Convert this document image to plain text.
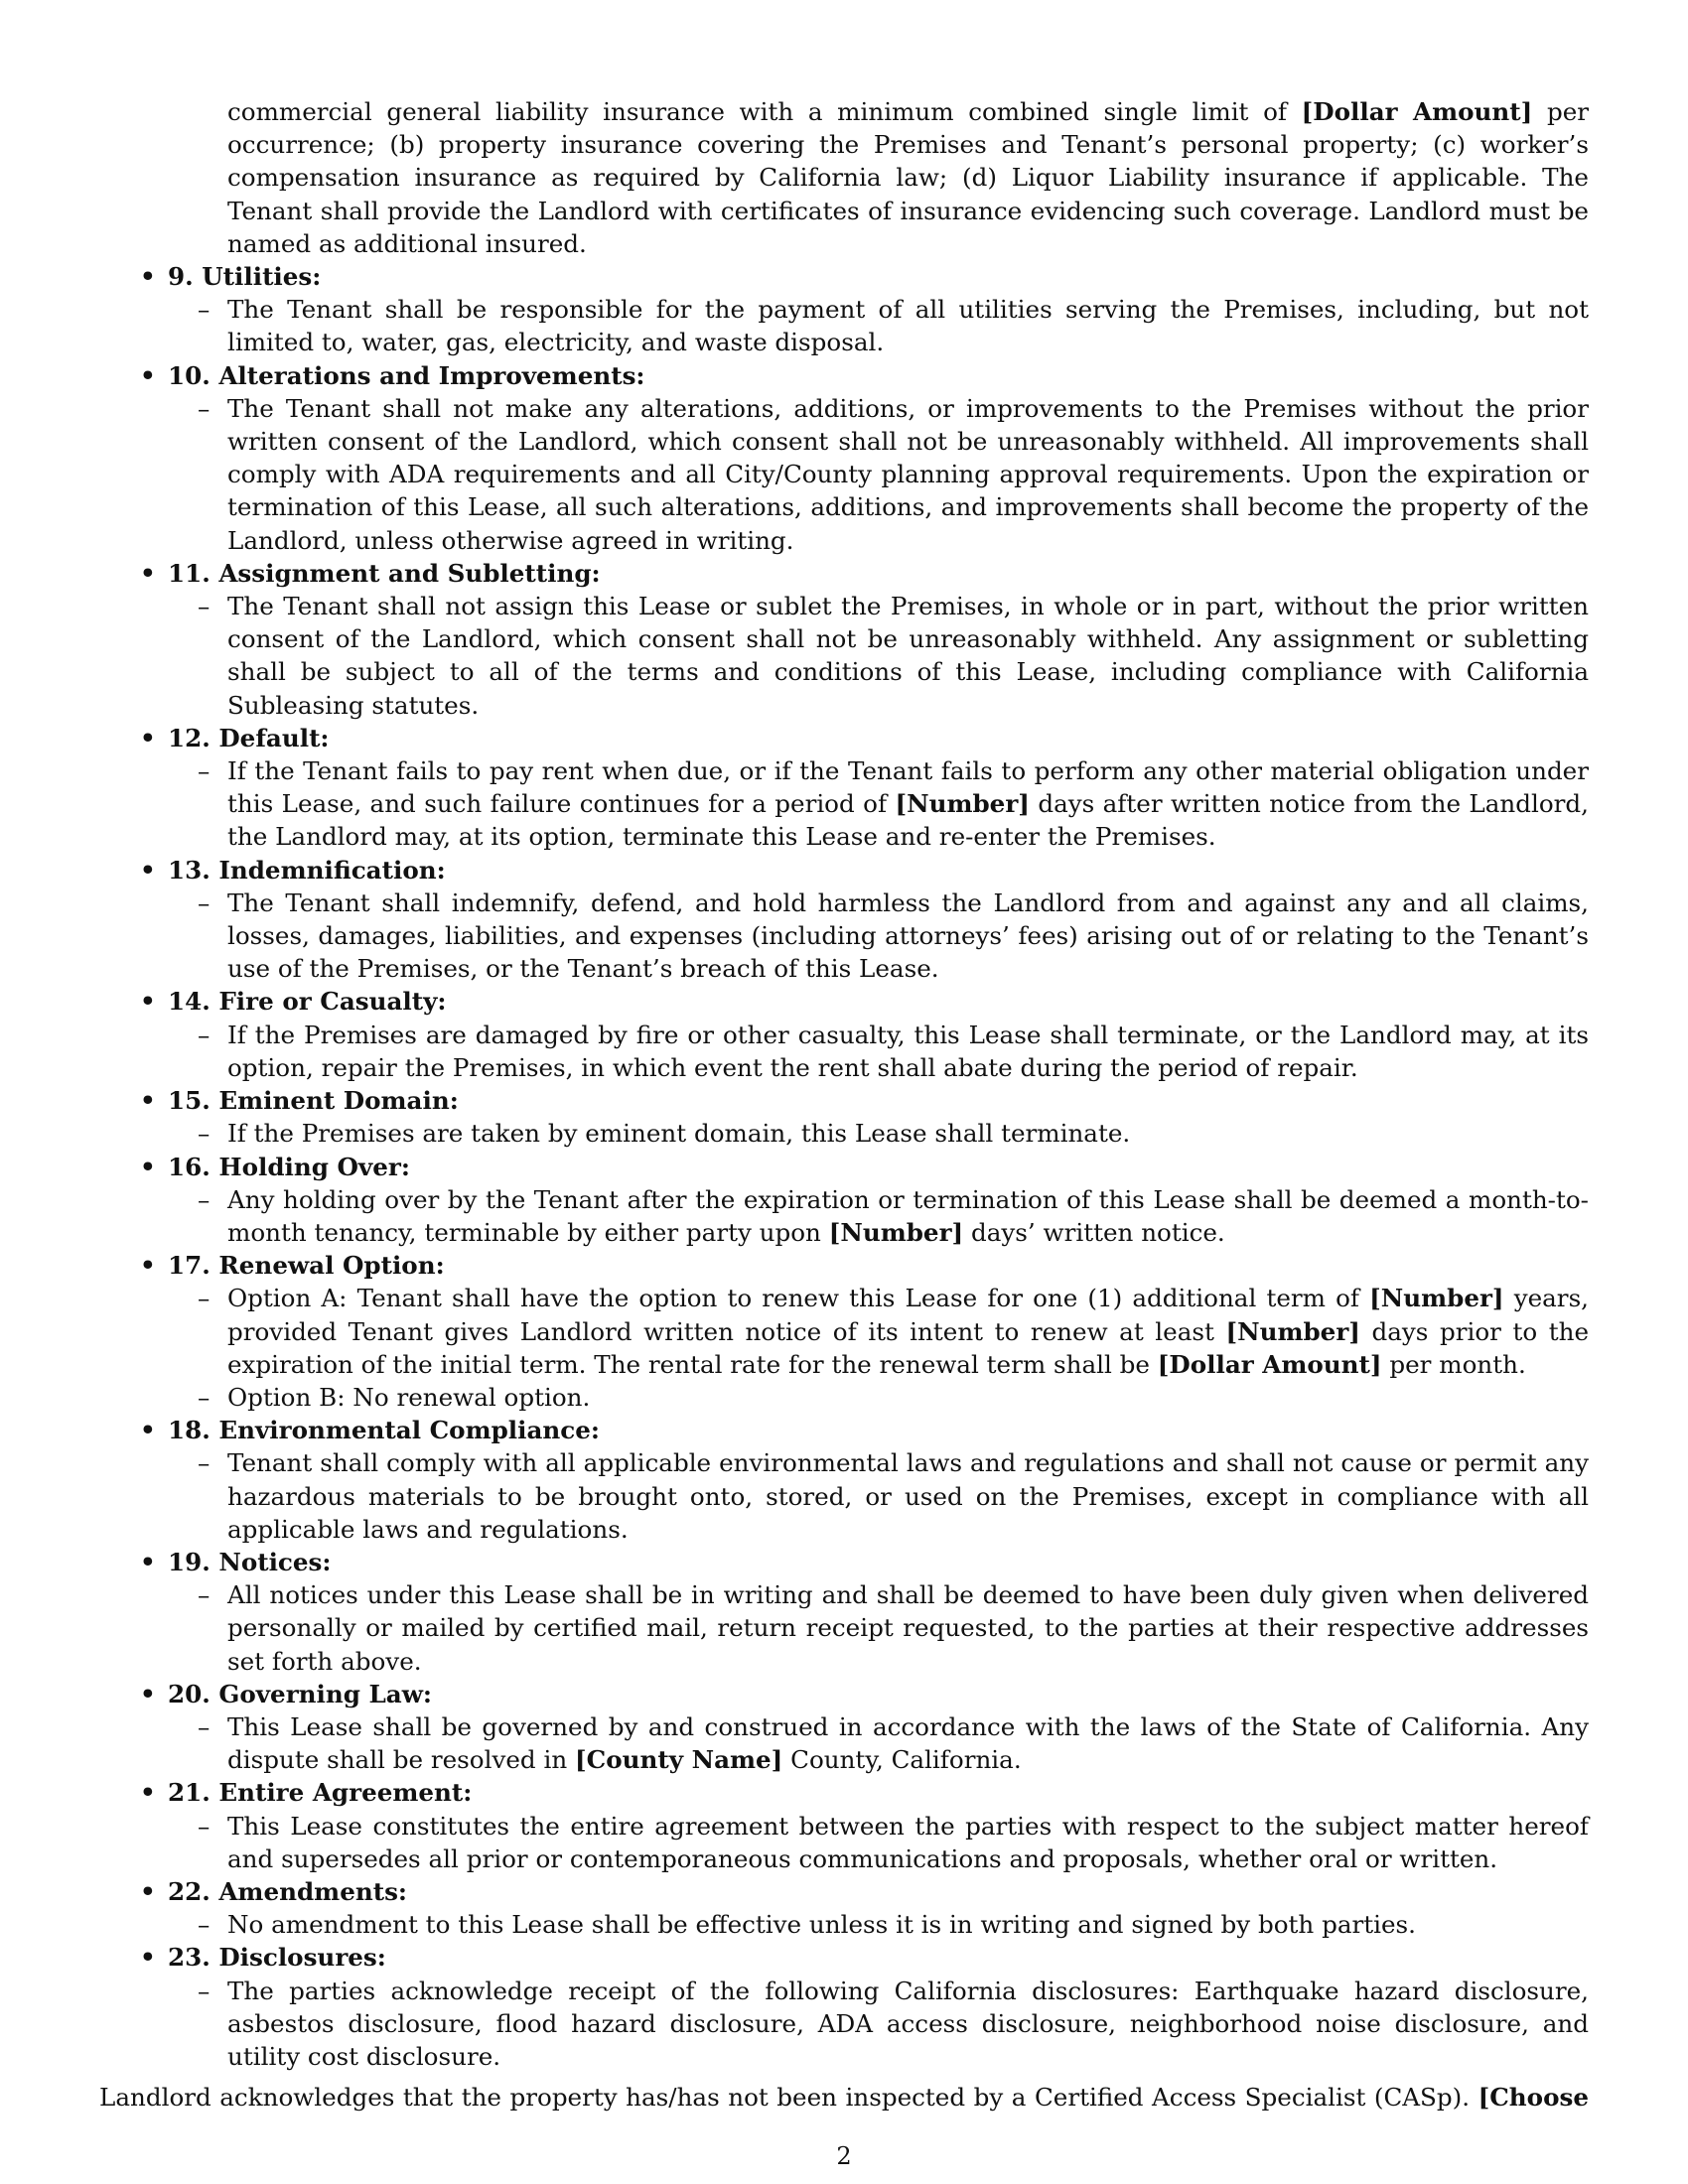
commercial general liability insurance with a minimum combined single limit of [Dollar Amount] per occurrence; (b) property insurance covering the Premises and Tenant’s personal property; (c) worker’s compensation insurance as required by California law; (d) Liquor Liability insurance if applicable. The Tenant shall provide the Landlord with certificates of insurance evidencing such coverage. Landlord must be named as additional insured.
• 9. Utilities:
– The Tenant shall be responsible for the payment of all utilities serving the Premises, including, but not limited to, water, gas, electricity, and waste disposal.
• 10. Alterations and Improvements:
– The Tenant shall not make any alterations, additions, or improvements to the Premises without the prior written consent of the Landlord, which consent shall not be unreasonably withheld. All improvements shall comply with ADA requirements and all City/County planning approval requirements. Upon the expiration or termination of this Lease, all such alterations, additions, and improvements shall become the property of the Landlord, unless otherwise agreed in writing.
• 11. Assignment and Subletting:
– The Tenant shall not assign this Lease or sublet the Premises, in whole or in part, without the prior written consent of the Landlord, which consent shall not be unreasonably withheld. Any assignment or subletting shall be subject to all of the terms and conditions of this Lease, including compliance with California Subleasing statutes.
• 12. Default:
– If the Tenant fails to pay rent when due, or if the Tenant fails to perform any other material obligation under this Lease, and such failure continues for a period of [Number] days after written notice from the Landlord, the Landlord may, at its option, terminate this Lease and re-enter the Premises.
• 13. Indemnification:
– The Tenant shall indemnify, defend, and hold harmless the Landlord from and against any and all claims, losses, damages, liabilities, and expenses (including attorneys’ fees) arising out of or relating to the Tenant’s use of the Premises, or the Tenant’s breach of this Lease.
• 14. Fire or Casualty:
– If the Premises are damaged by fire or other casualty, this Lease shall terminate, or the Landlord may, at its option, repair the Premises, in which event the rent shall abate during the period of repair.
• 15. Eminent Domain:
– If the Premises are taken by eminent domain, this Lease shall terminate.
• 16. Holding Over:
– Any holding over by the Tenant after the expiration or termination of this Lease shall be deemed a month-to-month tenancy, terminable by either party upon [Number] days’ written notice.
• 17. Renewal Option:
– Option A: Tenant shall have the option to renew this Lease for one (1) additional term of [Number] years, provided Tenant gives Landlord written notice of its intent to renew at least [Number] days prior to the expiration of the initial term. The rental rate for the renewal term shall be [Dollar Amount] per month.
– Option B: No renewal option.
• 18. Environmental Compliance:
– Tenant shall comply with all applicable environmental laws and regulations and shall not cause or permit any hazardous materials to be brought onto, stored, or used on the Premises, except in compliance with all applicable laws and regulations.
• 19. Notices:
– All notices under this Lease shall be in writing and shall be deemed to have been duly given when delivered personally or mailed by certified mail, return receipt requested, to the parties at their respective addresses set forth above.
• 20. Governing Law:
– This Lease shall be governed by and construed in accordance with the laws of the State of California. Any dispute shall be resolved in [County Name] County, California.
• 21. Entire Agreement:
– This Lease constitutes the entire agreement between the parties with respect to the subject matter hereof and supersedes all prior or contemporaneous communications and proposals, whether oral or written.
• 22. Amendments:
– No amendment to this Lease shall be effective unless it is in writing and signed by both parties.
• 23. Disclosures:
– The parties acknowledge receipt of the following California disclosures: Earthquake hazard disclosure, asbestos disclosure, flood hazard disclosure, ADA access disclosure, neighborhood noise disclosure, and utility cost disclosure.
Landlord acknowledges that the property has/has not been inspected by a Certified Access Specialist (CASp). [Choose
2
